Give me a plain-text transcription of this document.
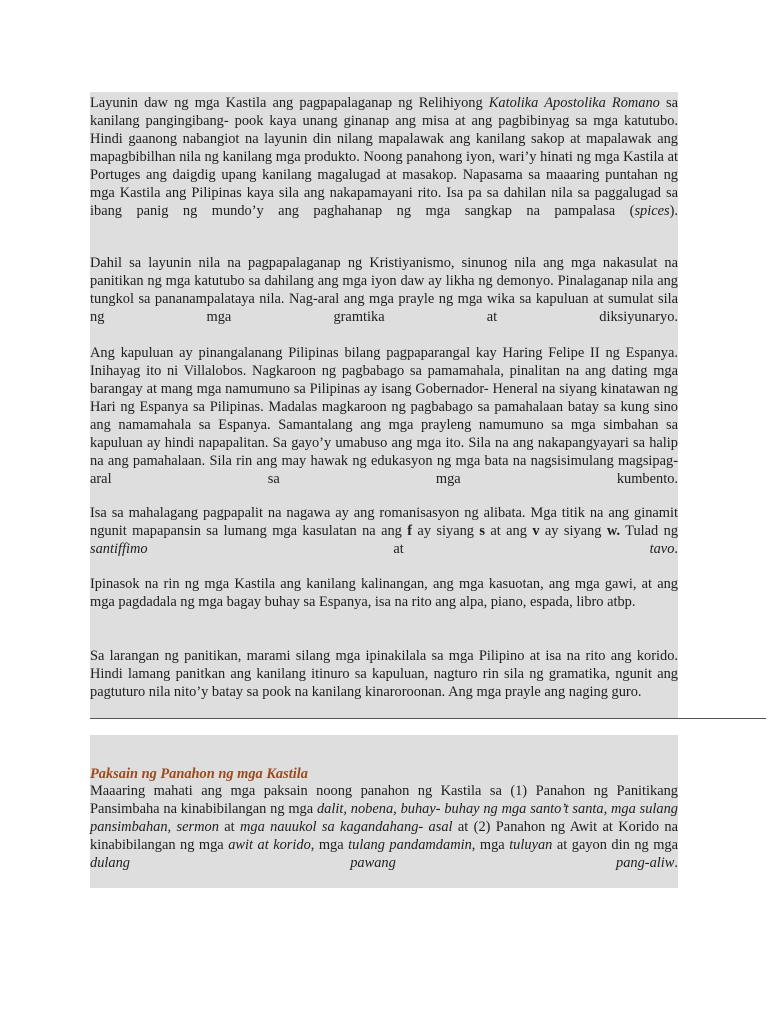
Layunin daw ng mga Kastila ang pagpapalaganap ng Relihiyong Katolika Apostolika Romano sa kanilang pangingibang- pook kaya unang ginanap ang misa at ang pagbibinyag sa mga katutubo. Hindi gaanong nabangiot na layunin din nilang mapalawak ang kanilang sakop at mapalawak ang mapagbibilhan nila ng kanilang mga produkto. Noong panahong iyon, wari’y hinati ng mga Kastila at Portuges ang daigdig upang kanilang magalugad at masakop. Napasama sa maaaring puntahan ng mga Kastila ang Pilipinas kaya sila ang nakapamayani rito. Isa pa sa dahilan nila sa paggalugad sa ibang panig ng mundo’y ang paghahanap ng mga sangkap na pampalasa (spices).

Dahil sa layunin nila na pagpapalaganap ng Kristiyanismo, sinunog nila ang mga nakasulat na panitikan ng mga katutubo sa dahilang ang mga iyon daw ay likha ng demonyo. Pinalaganap nila ang tungkol sa pananampalataya nila. Nag-aral ang mga prayle ng mga wika sa kapuluan at sumulat sila ng mga gramtika at diksiyunaryo.

Ang kapuluan ay pinangalanang Pilipinas bilang pagpaparangal kay Haring Felipe II ng Espanya. Inihayag ito ni Villalobos. Nagkaroon ng pagbabago sa pamamahala, pinalitan na ang dating mga barangay at mang mga namumuno sa Pilipinas ay isang Gobernador- Heneral na siyang kinatawan ng Hari ng Espanya sa Pilipinas. Madalas magkaroon ng pagbabago sa pamahalaan batay sa kung sino ang namamahala sa Espanya. Samantalang ang mga prayleng namumuno sa mga simbahan sa kapuluan ay hindi napapalitan. Sa gayo’y umabuso ang mga ito. Sila na ang nakapangyayari sa halip na ang pamahalaan. Sila rin ang may hawak ng edukasyon ng mga bata na nagsisimulang magsipag- aral sa mga kumbento.

Isa sa mahalagang pagpapalit na nagawa ay ang romanisasyon ng alibata. Mga titik na ang ginamit ngunit mapapansin sa lumang mga kasulatan na ang f ay siyang s at ang v ay siyang w. Tulad ng santiffimo at tavo.

Ipinasok na rin ng mga Kastila ang kanilang kalinangan, ang mga kasuotan, ang mga gawi, at ang mga pagdadala ng mga bagay buhay sa Espanya, isa na rito ang alpa, piano, espada, libro atbp.

Sa larangan ng panitikan, marami silang mga ipinakilala sa mga Pilipino at isa na rito ang korido. Hindi lamang panitkan ang kanilang itinuro sa kapuluan, nagturo rin sila ng gramatika, ngunit ang pagtuturo nila nito’y batay sa pook na kanilang kinaroroonan. Ang mga prayle ang naging guro.

Paksain ng Panahon ng mga Kastila

Maaaring mahati ang mga paksain noong panahon ng Kastila sa (1) Panahon ng Panitikang Pansimbaha na kinabibilangan ng mga dalit, nobena, buhay- buhay ng mga santo’t santa, mga sulang pansimbahan, sermon at mga nauukol sa kagandahang- asal at (2) Panahon ng Awit at Korido na kinabibilangan ng mga awit at korido, mga tulang pandamdamin, mga tuluyan at gayon din ng mga dulang pawang pang-aliw.
